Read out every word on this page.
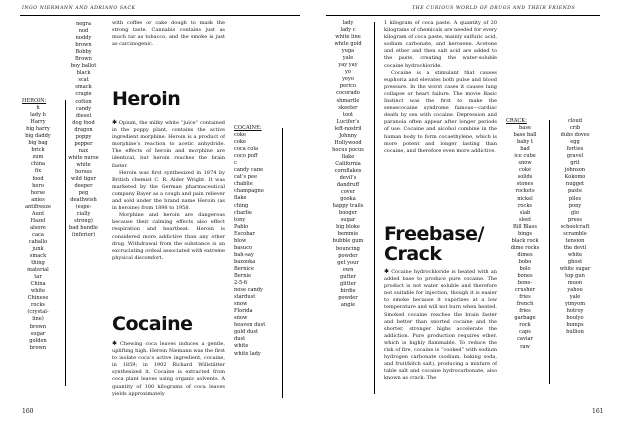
INGO NIERMANN AND ADRIANO SACK
HEROIN:
h
lady h
Harry
big harry
big daddy
big bag
brick
zum
china
fix
food
hero
horse
anies
antifreeze
Aunt
Hazel
alsore
caca
caballo
junk
smack
thing
material
tar
China
white
Chinese
rocks
(crystal-
line)
brown
sugar
golden
brown
negra
nod
noddy
brown
Bobby
Brown
boy ballot
black
scat
smack
cragie
cotton
candy
diesel
dog food
dragon
poppy
pepper
nax
white nurse
white
horses
wild tiger
deeper
peg
deathwish
(espe-
cially
strong)
bad bundle
(inferior)

with coffee or cake dough to mask the strong taste. Cannabis contains just as much tar as tobacco, and the smoke is just as carcinogenic.

Heroin

✱ Opium, the milky white “juice” contained in the poppy plant, contains the active ingredient morphine. Heroin is a product of morphine’s reaction to acetic anhydride. The effects of heroin and morphine are identical, but heroin reaches the brain faster.

Heroin was first synthesized in 1874 by British chemist C. R. Alder Wright. It was marketed by the German pharmaceutical company Bayer as a cough and pain reliever and sold under the brand name Heroin (as in heroine) from 1898 to 1958.

Morphine and heroin are dangerous because their calming effects also effect respiration and heartbeat. Heroin is considered more addictive than any other drug. Withdrawal from the substance is an excruciating ordeal associated with extreme physical discomfort.

Cocaine

✱ Chewing coca leaves induces a gentle, uplifting high. Herein Niemann was the first to isolate coca’s active ingredient, cocaine, in 1859; in 1902 Richard Willstätter synthesized it. Cocaine is extracted from coca plant leaves using organic solvents. A quantity of 100 kilograms of coca leaves yields approximately

COCAINE:
coke
coke
coca cola
coco puff
c
candy cane
cat’s pee
chablie
champagne
flake
ching
charlie
tony
Pablo
Escobar
blow
basuco
bah-say
bazooka
Bernice
Bernie
2-5-6
nose candy
stardust
snow
Florida
snow
heaven dust
gold dust
dust
white
white lady
160
THE CURIOUS WORLD OF DRUGS AND THEIR FRIENDS
lady
lady c
white line
white gold
yuga
yale
yay yay
yo
yeyo
perico
cocorado
shmartle
skeeter
toot
Lucifer’s
left-nostril
Johnny
Hollywood
hocus pocus
flake
California
cornflakes
devil’s
dandruff
cover
gooka
happy trails
booger
sugar
big bloke
bemmie
bubble gum
bouncing
powder
get your
own
gutter
glitter
birdie
powder
angie

1 kilogram of coca paste. A quantity of 20 kilograms of chemicals are needed for every kilogram of coca paste, mainly sulfuric acid, sodium carbonate, and kerosene. Acetone and ether and then salt acid are added to the paste, creating the water-soluble cocaine hydrochloride.

Cocaine is a stimulant that causes euphoria and elevates both pulse and blood pressure. In the worst cases it causes lung collapse or heart failure. The movie Basic Instinct was the first to make the sensecocaine syndrome famous—cardiac death by sex with cocaine. Depression and paranoia often appear after longer periods of use. Cocaine and alcohol combine in the human body to form cocaethylene, which is more potent and longer lasting than cocaine, and therefore even more addictive.

Freebase/
Crack

✱ Cocaine hydrochloride is heated with an added base to produce pure cocaine. The product is not water soluble and therefore not suitable for injection, though it is easier to smoke because it vaporizes at a low temperature and will not burn when heated. Smoked cocaine reaches the brain faster and better than snorted cocaine and the shorter, stronger highs accelerate the addiction. Pure production requires ether, which is highly flammable. To reduce the risk of fire, cocaine is “cooked” with sodium hydrogen carbonate (sodium, baking soda, and fruit/kitch salt), producing a mixture of table salt and cocaine hydrocarbonate, also known as crack. The

CRACK:
base
base ball
baby t
bad
ice cube
snow
coke
solids
stones
rockets
nickel
rocks
slab
sleet
Bill Blass
bings
black rock
dime rocks
dimes
bobo
bolo
bones
bone-
crusher
fries
french
fries
garbage
rock
caps
caviar
raw
cloud
crib
dubs doves
egg
forties
gravel
grit
johnson
Kokomo
nugget
paste
piles
pony
glo
press
schoolcraft
scramble
tension
the devil
white
ghost
white sugar
top gun
moon
yahoo
yale
yimyom
hotroy
boulyo
bumps
bullion
161
